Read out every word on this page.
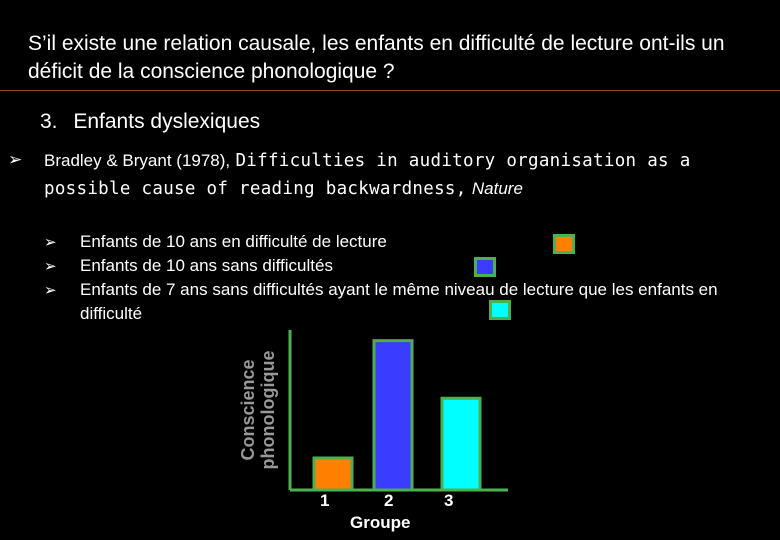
S’il existe une relation causale, les enfants en difficulté de lecture ont-ils un déficit de la conscience phonologique ?
3. Enfants dyslexiques
➢ Bradley & Bryant (1978), Difficulties in auditory organisation as a possible cause of reading backwardness, Nature
➢ Enfants de 10 ans en difficulté de lecture
➢ Enfants de 10 ans sans difficultés
➢ Enfants de 7 ans sans difficultés ayant le même niveau de lecture que les enfants en difficulté
Conscience phonologique
1	2	3
Groupe
